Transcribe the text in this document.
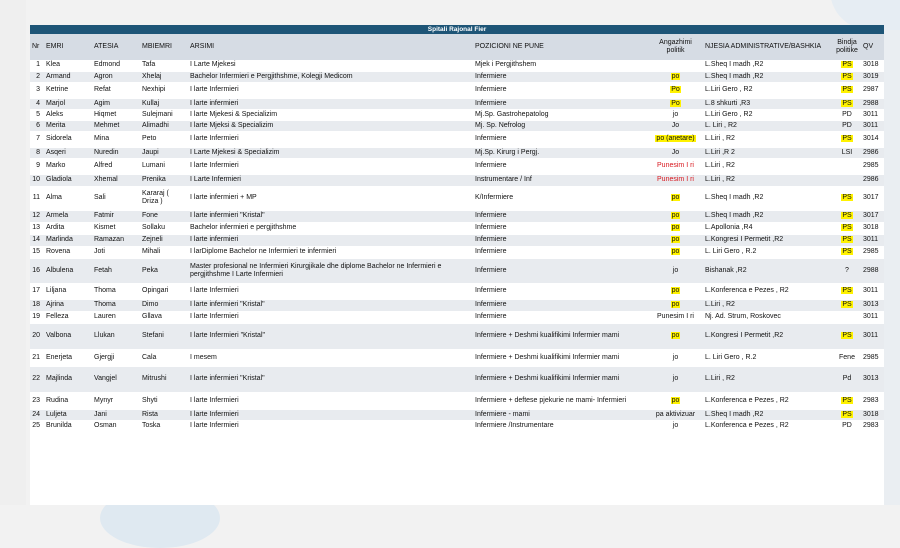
Spitali Rajonal Fier									
Nr	EMRI	ATESIA	MBIEMRI	ARSIMI	POZICIONI NE PUNE	Angazhimi politik	NJESIA ADMINISTRATIVE/BASHKIA	Bindja politike	QV
1	Klea	Edmond	Tafa	I Larte Mjekesi	Mjek i Pergjithshem		L.Sheq I madh ,R2	PS	3018
2	Armand	Agron	Xhelaj	Bachelor Infermieri e Pergjithshme, Kolegji Medicom	Infermiere	po	L.Sheq I madh ,R2	PS	3019
3	Ketrine	Refat	Nexhipi	I larte Infermieri	Infermiere	Po	L.Liri Gero , R2	PS	2987
4	Marjol	Agim	Kullaj	I larte infermieri	Infermiere	Po	L.8 shkurti ,R3	PS	2988
5	Aleks	Hiqmet	Sulejmani	I larte Mjekesi & Specializim	Mj.Sp. Gastrohepatolog	jo	L.Liri Gero , R2	PD	3011
6	Merita	Mehmet	Alimadhi	I larte Mjeksi & Specializim	Mj. Sp. Nefrolog	Jo	L. Liri , R2	PD	3011
7	Sidorela	Mina	Peto	I larte Infermieri	Infermiere	po (anetare)	L.Liri , R2	PS	3014
8	Asqeri	Nuredin	Jaupi	I Larte Mjekesi & Specializim	Mj.Sp. Kirurg i Pergj.	Jo	L.Liri ,R 2	LSI	2986
9	Marko	Alfred	Lumani	I larte Infermieri	Infermiere	Punesim I ri	L.Liri , R2		2985
10	Gladiola	Xhemal	Prenika	I Larte Infermieri	Instrumentare / Inf	Punesim I ri	L.Liri , R2		2986
11	Alma	Sali	Kararaj ( Driza )	I larte infermieri + MP	K/Infermiere	po	L.Sheq I madh ,R2	PS	3017
12	Armela	Fatmir	Fone	I larte infermieri "Kristal"	Infermiere	po	L.Sheq I madh ,R2	PS	3017
13	Ardita	Kismet	Sollaku	Bachelor infermieri e pergjithshme	Infermiere	po	L.Apollonia ,R4	PS	3018
14	Marlinda	Ramazan	Zejneli	I larte infermieri	Infermiere	po	L.Kongresi I Permetit ,R2	PS	3011
15	Rovena	Joti	Mihali	I larDiplome Bachelor ne Infermieri te infermieri	Infermiere	po	L. Liri Gero , R.2	PS	2985
16	Albulena	Fetah	Peka	Master profesional ne Infermieri Kirurgjikale dhe diplome Bachelor ne Infermieri e pergjithshme I Larte Infermieri	Infermiere	jo	Bishanak ,R2	?	2988
17	Liljana	Thoma	Opingari	I larte Infermieri	Infermiere	po	L.Konferenca e Pezes , R2	PS	3011
18	Ajrina	Thoma	Dimo	I larte infermieri "Kristal"	Infermiere	po	L.Liri , R2	PS	3013
19	Felleza	Lauren	Gllava	I larte Infermieri	Infermiere	Punesim I ri	Nj. Ad. Strum, Roskovec		3011
20	Valbona	Llukan	Stefani	I larte Infermieri "Kristal"	Infermiere + Deshmi kualifikimi Infermier mami	po	L.Kongresi I Permetit ,R2	PS	3011
21	Enerjeta	Gjergji	Cala	I mesem	Infermiere + Deshmi kualifikimi Infermier mami	jo	L. Liri Gero , R.2	Fene	2985
22	Majlinda	Vangjel	Mitrushi	I larte infermieri "Kristal"	Infermiere + Deshmi kualifikimi Infermier mami	jo	L.Liri , R2	Pd	3013
23	Rudina	Mynyr	Shyti	I larte Infermieri	Infermiere + deftese pjekurie ne mami- Infermieri	po	L.Konferenca e Pezes , R2	PS	2983
24	Luljeta	Jani	Rista	I larte Infermieri	Infermiere - mami	pa aktivizuar	L.Sheq I madh ,R2	PS	3018
25	Brunilda	Osman	Toska	I larte Infermieri	Infermiere /Instrumentare	jo	L.Konferenca e Pezes , R2	PD	2983
